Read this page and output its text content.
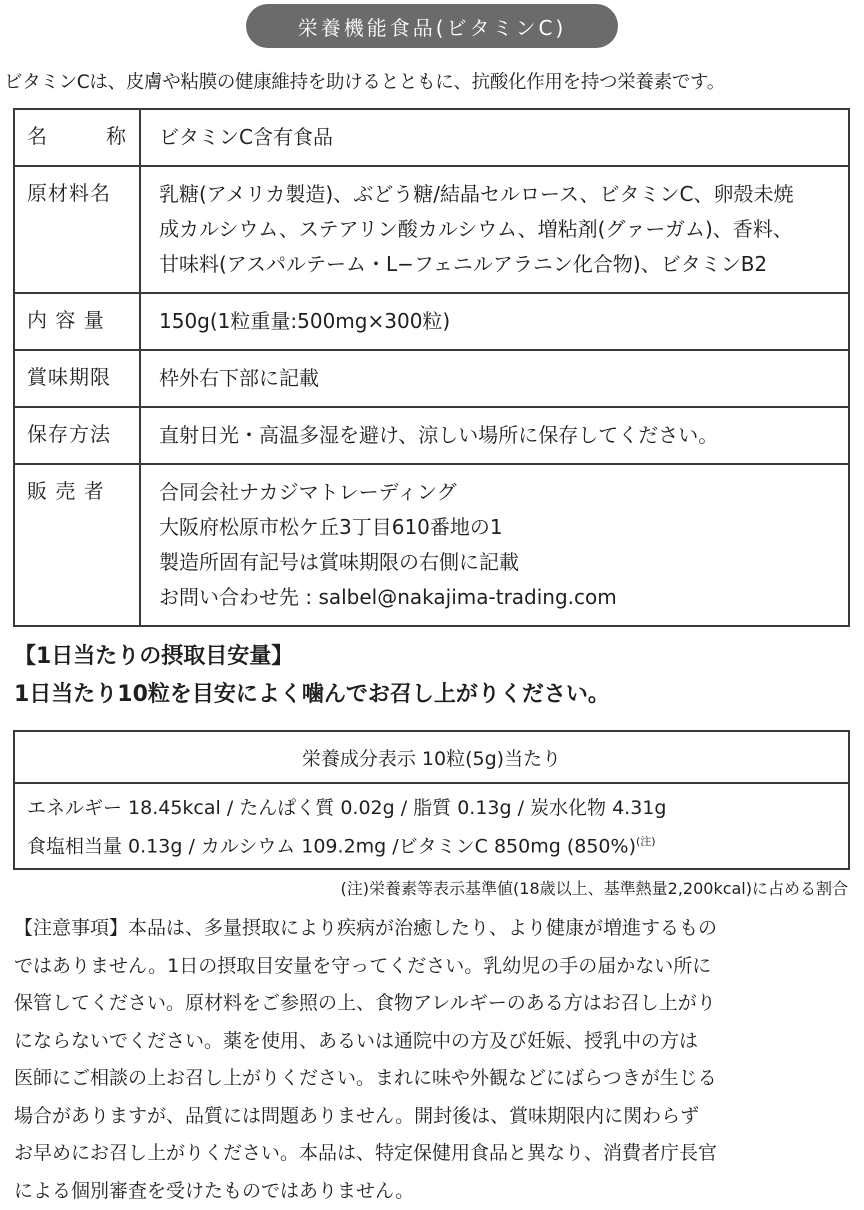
栄養機能食品(ビタミンC)
ビタミンCは、皮膚や粘膜の健康維持を助けるとともに、抗酸化作用を持つ栄養素です。
名 称	ビタミンC含有食品
原材料名	乳糖(アメリカ製造)、ぶどう糖/結晶セルロース、ビタミンC、卵殻未焼
成カルシウム、ステアリン酸カルシウム、増粘剤(グァーガム)、香料、
甘味料(アスパルテーム・L−フェニルアラニン化合物)、ビタミンB2

内 容 量	150g(1粒重量:500mg×300粒)
賞味期限	枠外右下部に記載
保存方法	直射日光・高温多湿を避け、涼しい場所に保存してください。
販 売 者	合同会社ナカジマトレーディング
大阪府松原市松ケ丘3丁目610番地の1
製造所固有記号は賞味期限の右側に記載
お問い合わせ先 : salbel@nakajima-trading.com
【1日当たりの摂取目安量】
1日当たり10粒を目安によく噛んでお召し上がりください。
栄養成分表示 10粒(5g)当たり
エネルギー 18.45kcal / たんぱく質 0.02g / 脂質 0.13g / 炭水化物 4.31g
食塩相当量 0.13g / カルシウム 109.2mg /ビタミンC 850mg (850%)$^{(注)}$
(注)栄養素等表示基準値(18歳以上、基準熱量2,200kcal)に占める割合
【注意事項】本品は、多量摂取により疾病が治癒したり、より健康が増進するもの
ではありません。1日の摂取目安量を守ってください。乳幼児の手の届かない所に
保管してください。原材料をご参照の上、食物アレルギーのある方はお召し上がり
にならないでください。薬を使用、あるいは通院中の方及び妊娠、授乳中の方は
医師にご相談の上お召し上がりください。まれに味や外観などにばらつきが生じる
場合がありますが、品質には問題ありません。開封後は、賞味期限内に関わらず
お早めにお召し上がりください。本品は、特定保健用食品と異なり、消費者庁長官
による個別審査を受けたものではありません。
